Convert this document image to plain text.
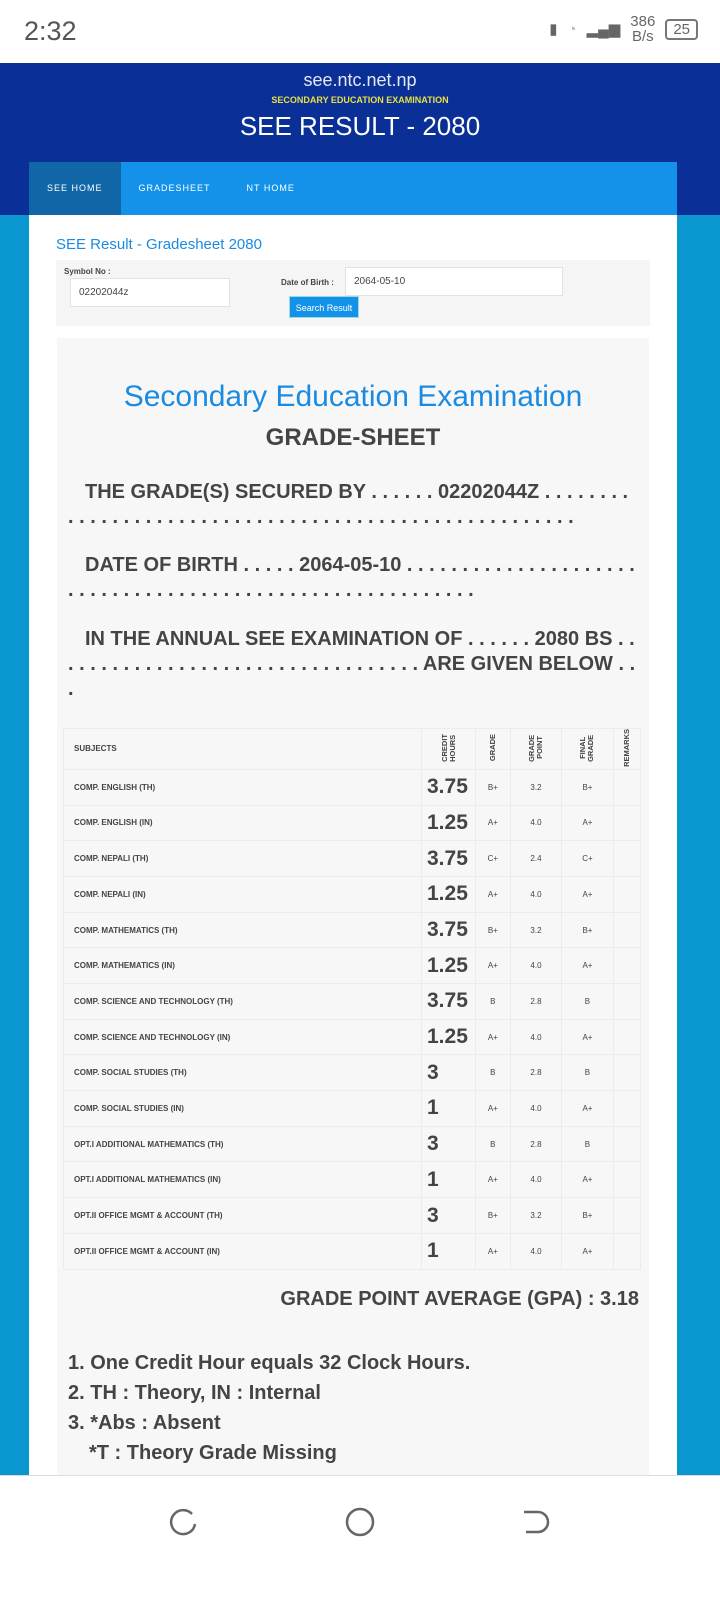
2:32	▮ ◔ ▂▄▆ 386
B/s	25
see.ntc.net.np
SECONDARY EDUCATION EXAMINATION
SEE RESULT - 2080
SEE HOME	GRADESHEET	NT HOME
SEE Result - Gradesheet 2080
Symbol No :
02202044z
Date of Birth :	2064-05-10
Search Result
Secondary Education Examination
GRADE-SHEET
THE GRADE(S) SECURED BY . . . . . . 02202044Z . . . . . . . . . . . . . . . . . . . . . . . . . . . . . . . . . . . . . . . . . . . . . . . . . . . . . .
DATE OF BIRTH . . . . . 2064-05-10 . . . . . . . . . . . . . . . . . . . . . . . . . . . . . . . . . . . . . . . . . . . . . . . . . . . . . . . . . .
IN THE ANNUAL SEE EXAMINATION OF . . . . . . 2080 BS . . . . . . . . . . . . . . . . . . . . . . . . . . . . . . . . . . ARE GIVEN BELOW . . .
SUBJECTS	CREDIT HOURS	GRADE	GRADE POINT	FINAL GRADE	REMARKS
COMP. ENGLISH (TH)	3.75	B+	3.2	B+	
COMP. ENGLISH (IN)	1.25	A+	4.0	A+	
COMP. NEPALI (TH)	3.75	C+	2.4	C+	
COMP. NEPALI (IN)	1.25	A+	4.0	A+	
COMP. MATHEMATICS (TH)	3.75	B+	3.2	B+	
COMP. MATHEMATICS (IN)	1.25	A+	4.0	A+	
COMP. SCIENCE AND TECHNOLOGY (TH)	3.75	B	2.8	B	
COMP. SCIENCE AND TECHNOLOGY (IN)	1.25	A+	4.0	A+	
COMP. SOCIAL STUDIES (TH)	3	B	2.8	B	
COMP. SOCIAL STUDIES (IN)	1	A+	4.0	A+	
OPT.I ADDITIONAL MATHEMATICS (TH)	3	B	2.8	B	
OPT.I ADDITIONAL MATHEMATICS (IN)	1	A+	4.0	A+	
OPT.II OFFICE MGMT & ACCOUNT (TH)	3	B+	3.2	B+	
OPT.II OFFICE MGMT & ACCOUNT (IN)	1	A+	4.0	A+	
GRADE POINT AVERAGE (GPA) : 3.18
1. One Credit Hour equals 32 Clock Hours.
2. TH : Theory, IN : Internal
3. *Abs : Absent
*T : Theory Grade Missing
